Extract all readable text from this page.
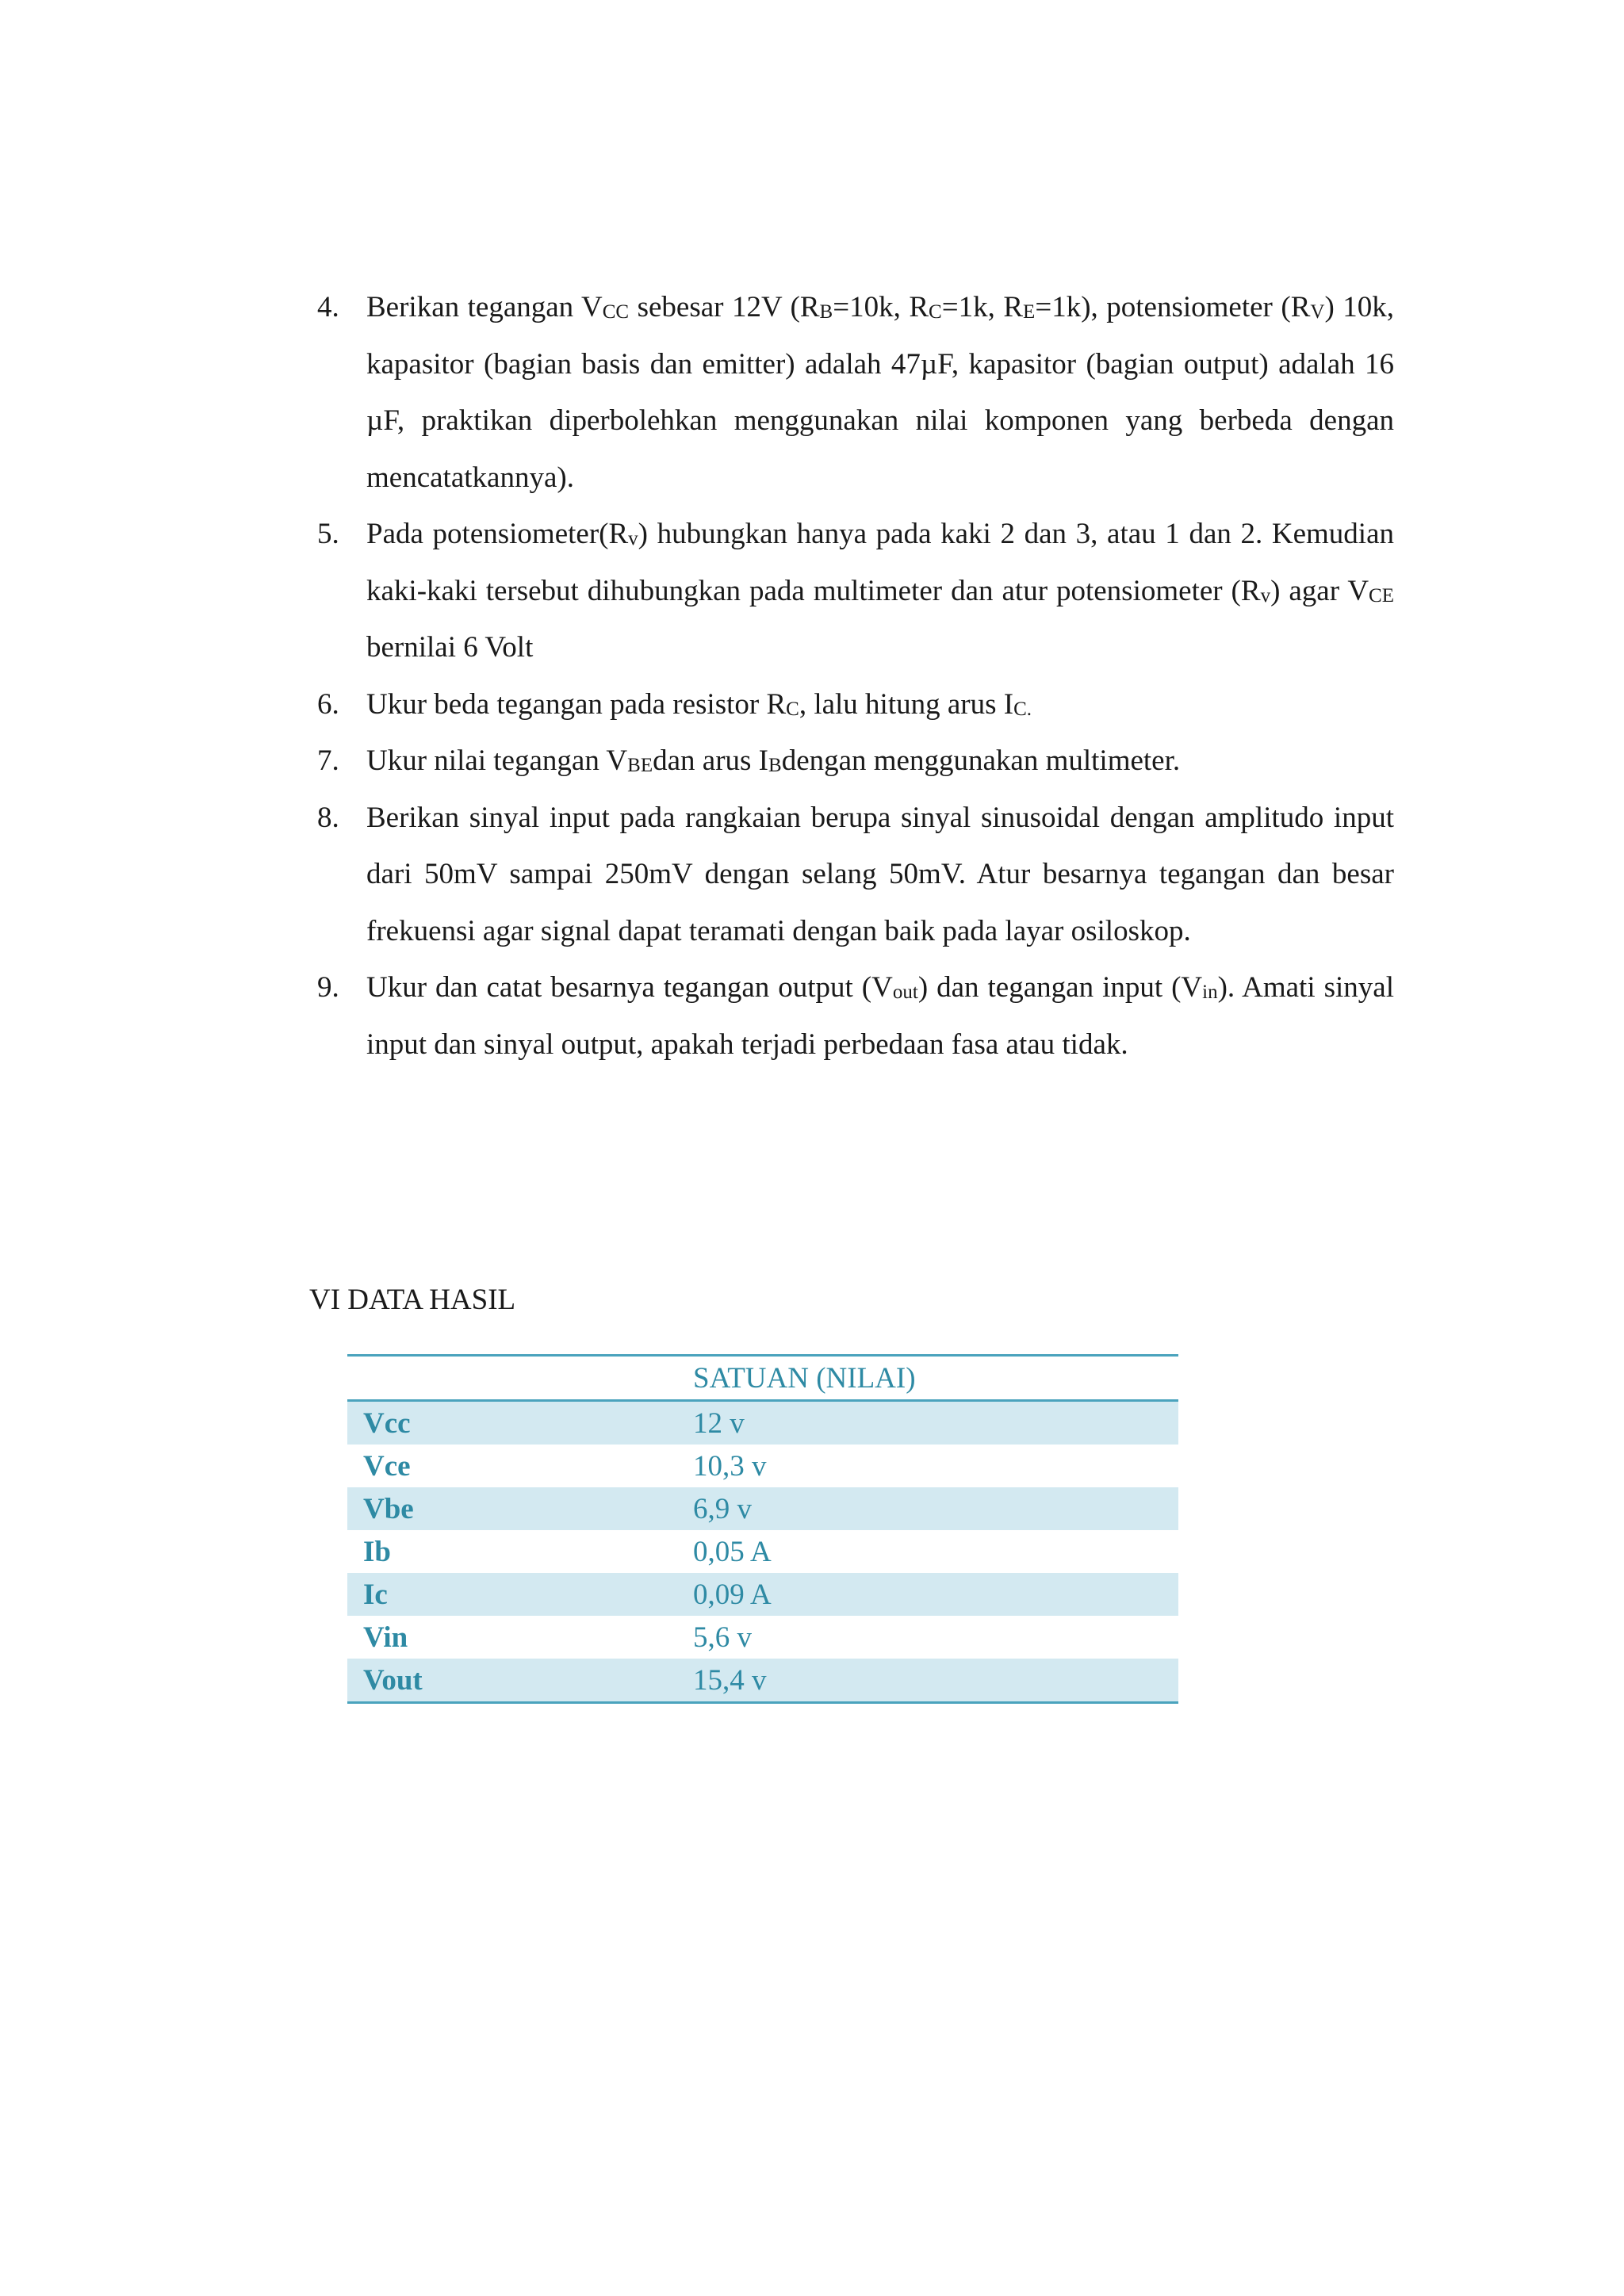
4. Berikan tegangan $V_{CC}$ sebesar 12V ($R_B=10k$, $R_C=1k$, $R_E=1k$), potensiometer $(R_V)$ 10k, kapasitor (bagian basis dan emitter) adalah 47µF, kapasitor (bagian output) adalah 16 µF, praktikan diperbolehkan menggunakan nilai komponen yang berbeda dengan mencatatkannya).
5. Pada $potensiometer(R_v)$ hubungkan hanya pada kaki 2 dan 3, atau 1 dan 2. Kemudian kaki-kaki tersebut dihubungkan pada multimeter dan atur potensiometer $(R_v)$ agar $V_{CE}$ bernilai 6 Volt
6. Ukur beda tegangan pada resistor $R_C$, lalu hitung arus $I_{C.}$
7. Ukur nilai tegangan $V_{BE}dan$ arus $I_Bdengan$ menggunakan multimeter.
8. Berikan sinyal input pada rangkaian berupa sinyal sinusoidal dengan amplitudo input dari 50mV sampai 250mV dengan selang 50mV. Atur besarnya tegangan dan besar frekuensi agar signal dapat teramati dengan baik pada layar osiloskop.
9. Ukur dan catat besarnya tegangan output $(V_{out})$ dan tegangan input $(V_{in})$. Amati sinyal input dan sinyal output, apakah terjadi perbedaan fasa atau tidak.
VI DATA HASIL
	SATUAN (NILAI)
Vcc	12 v
Vce	10,3 v
Vbe	6,9 v
Ib	0,05 A
Ic	0,09 A
Vin	5,6 v
Vout	15,4 v
